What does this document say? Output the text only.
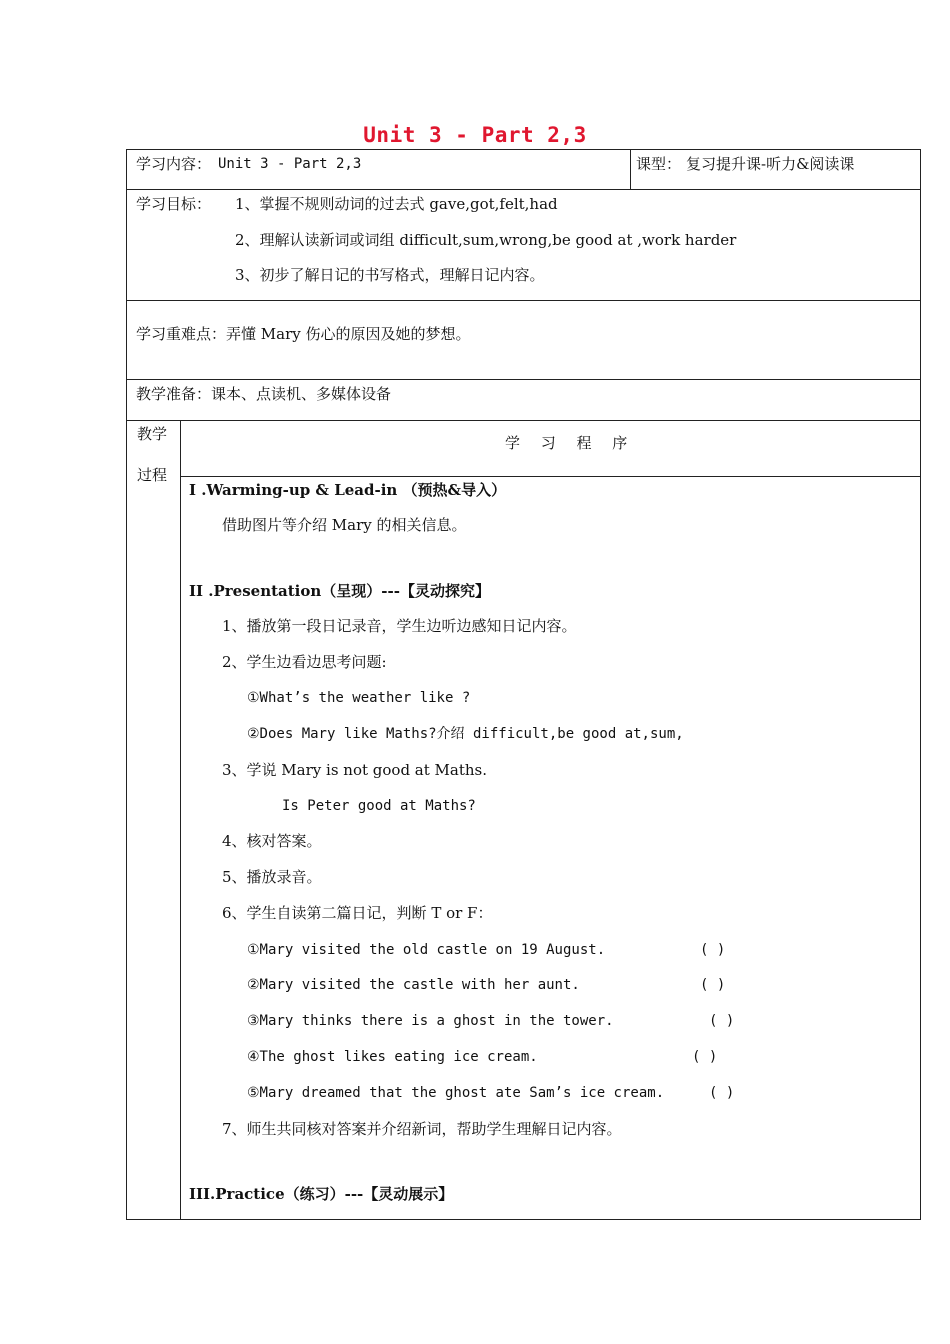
Unit 3 - Part 2,3
学习内容： Unit 3 - Part 2,3	课型： 复习提升课-听力&阅读课
学习目标： 1、掌握不规则动词的过去式 gave,got,felt,had
2、理解认读新词或词组 difficult,sum,wrong,be good at ,work harder
3、初步了解日记的书写格式，理解日记内容。
学习重难点：弄懂 Mary 伤心的原因及她的梦想。
教学准备：课本、点读机、多媒体设备
教学
过程
学 习 程 序
I .Warming-up & Lead-in （预热&导入）
借助图片等介绍 Mary 的相关信息。
II .Presentation（呈现）---【灵动探究】
1、播放第一段日记录音，学生边听边感知日记内容。
2、学生边看边思考问题:
①What’s the weather like ?
②Does Mary like Maths?介绍 difficult,be good at,sum,
3、学说 Mary is not good at Maths.
Is Peter good at Maths?
4、核对答案。
5、播放录音。
6、学生自读第二篇日记，判断 T or F：
①Mary visited the old castle on 19 August.	( )
②Mary visited the castle with her aunt.	( )
③Mary thinks there is a ghost in the tower.	( )
④The ghost likes eating ice cream.	( )
⑤Mary dreamed that the ghost ate Sam’s ice cream.	( )
7、师生共同核对答案并介绍新词，帮助学生理解日记内容。
III.Practice（练习）---【灵动展示】
